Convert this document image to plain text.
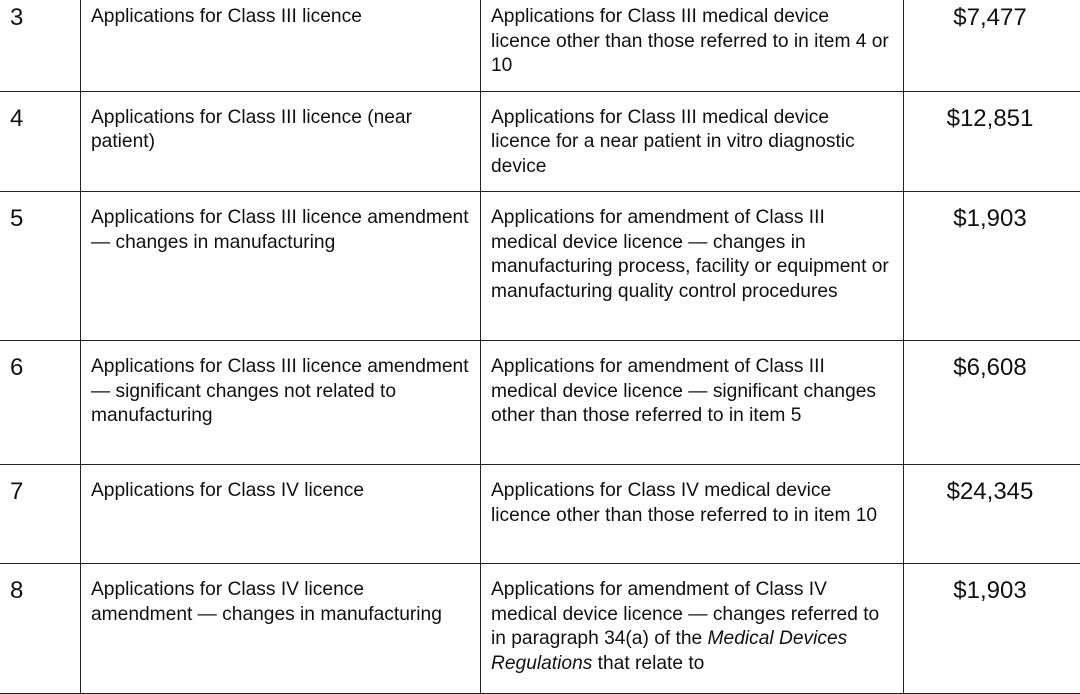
3	Applications for Class III licence	Applications for Class III medical device licence other than those referred to in item 4 or 10	$7,477
4	Applications for Class III licence (near patient)	Applications for Class III medical device licence for a near patient in vitro diagnostic device	$12,851
5	Applications for Class III licence amendment — changes in manufacturing	Applications for amendment of Class III medical device licence — changes in manufacturing process, facility or equipment or manufacturing quality control procedures	$1,903
6	Applications for Class III licence amendment — significant changes not related to manufacturing	Applications for amendment of Class III medical device licence — significant changes other than those referred to in item 5	$6,608
7	Applications for Class IV licence	Applications for Class IV medical device licence other than those referred to in item 10	$24,345
8	Applications for Class IV licence amendment — changes in manufacturing	Applications for amendment of Class IV medical device licence — changes referred to in paragraph 34(a) of the Medical Devices Regulations that relate to	$1,903
